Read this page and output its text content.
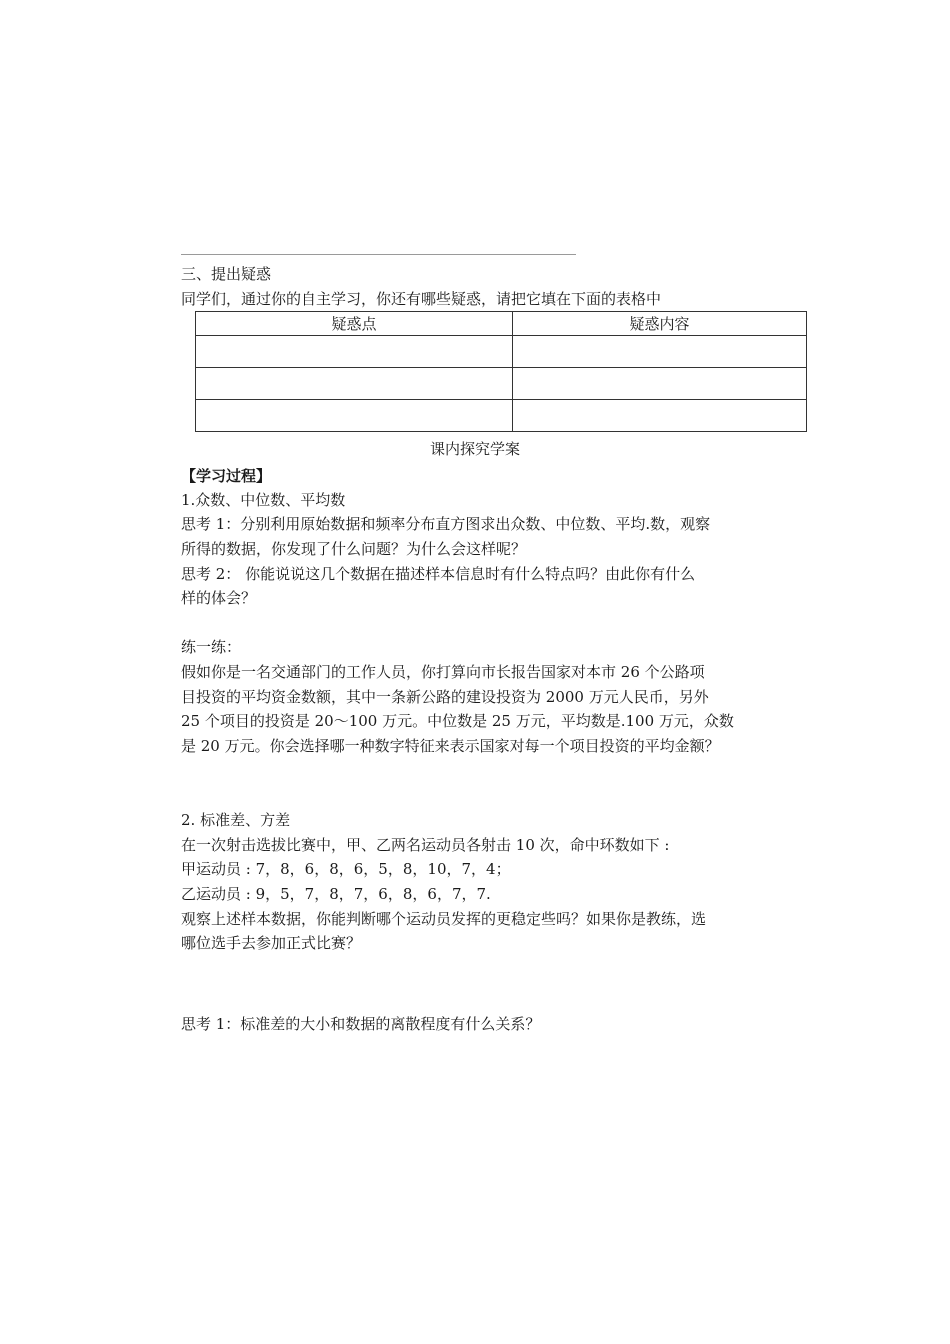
三、提出疑惑
同学们，通过你的自主学习，你还有哪些疑惑，请把它填在下面的表格中
疑惑点	疑惑内容

课内探究学案
【学习过程】
1.众数、中位数、平均数
思考 1：分别利用原始数据和频率分布直方图求出众数、中位数、平均.数，观察
所得的数据，你发现了什么问题？为什么会这样呢？
思考 2： 你能说说这几个数据在描述样本信息时有什么特点吗？由此你有什么
样的体会？
练一练：
假如你是一名交通部门的工作人员，你打算向市长报告国家对本市 26 个公路项
目投资的平均资金数额，其中一条新公路的建设投资为 2000 万元人民币，另外
25 个项目的投资是 20～100 万元。中位数是 25 万元，平均数是.100 万元，众数
是 20 万元。你会选择哪一种数字特征来表示国家对每一个项目投资的平均金额？
2. 标准差、方差
在一次射击选拔比赛中，甲、乙两名运动员各射击 10 次，命中环数如下 :
甲运动员 : 7，8，6，8，6，5，8，10，7，4；
乙运动员 : 9，5，7，8，7，6，8，6，7，7.
观察上述样本数据，你能判断哪个运动员发挥的更稳定些吗？如果你是教练，选
哪位选手去参加正式比赛？
思考 1：标准差的大小和数据的离散程度有什么关系？
